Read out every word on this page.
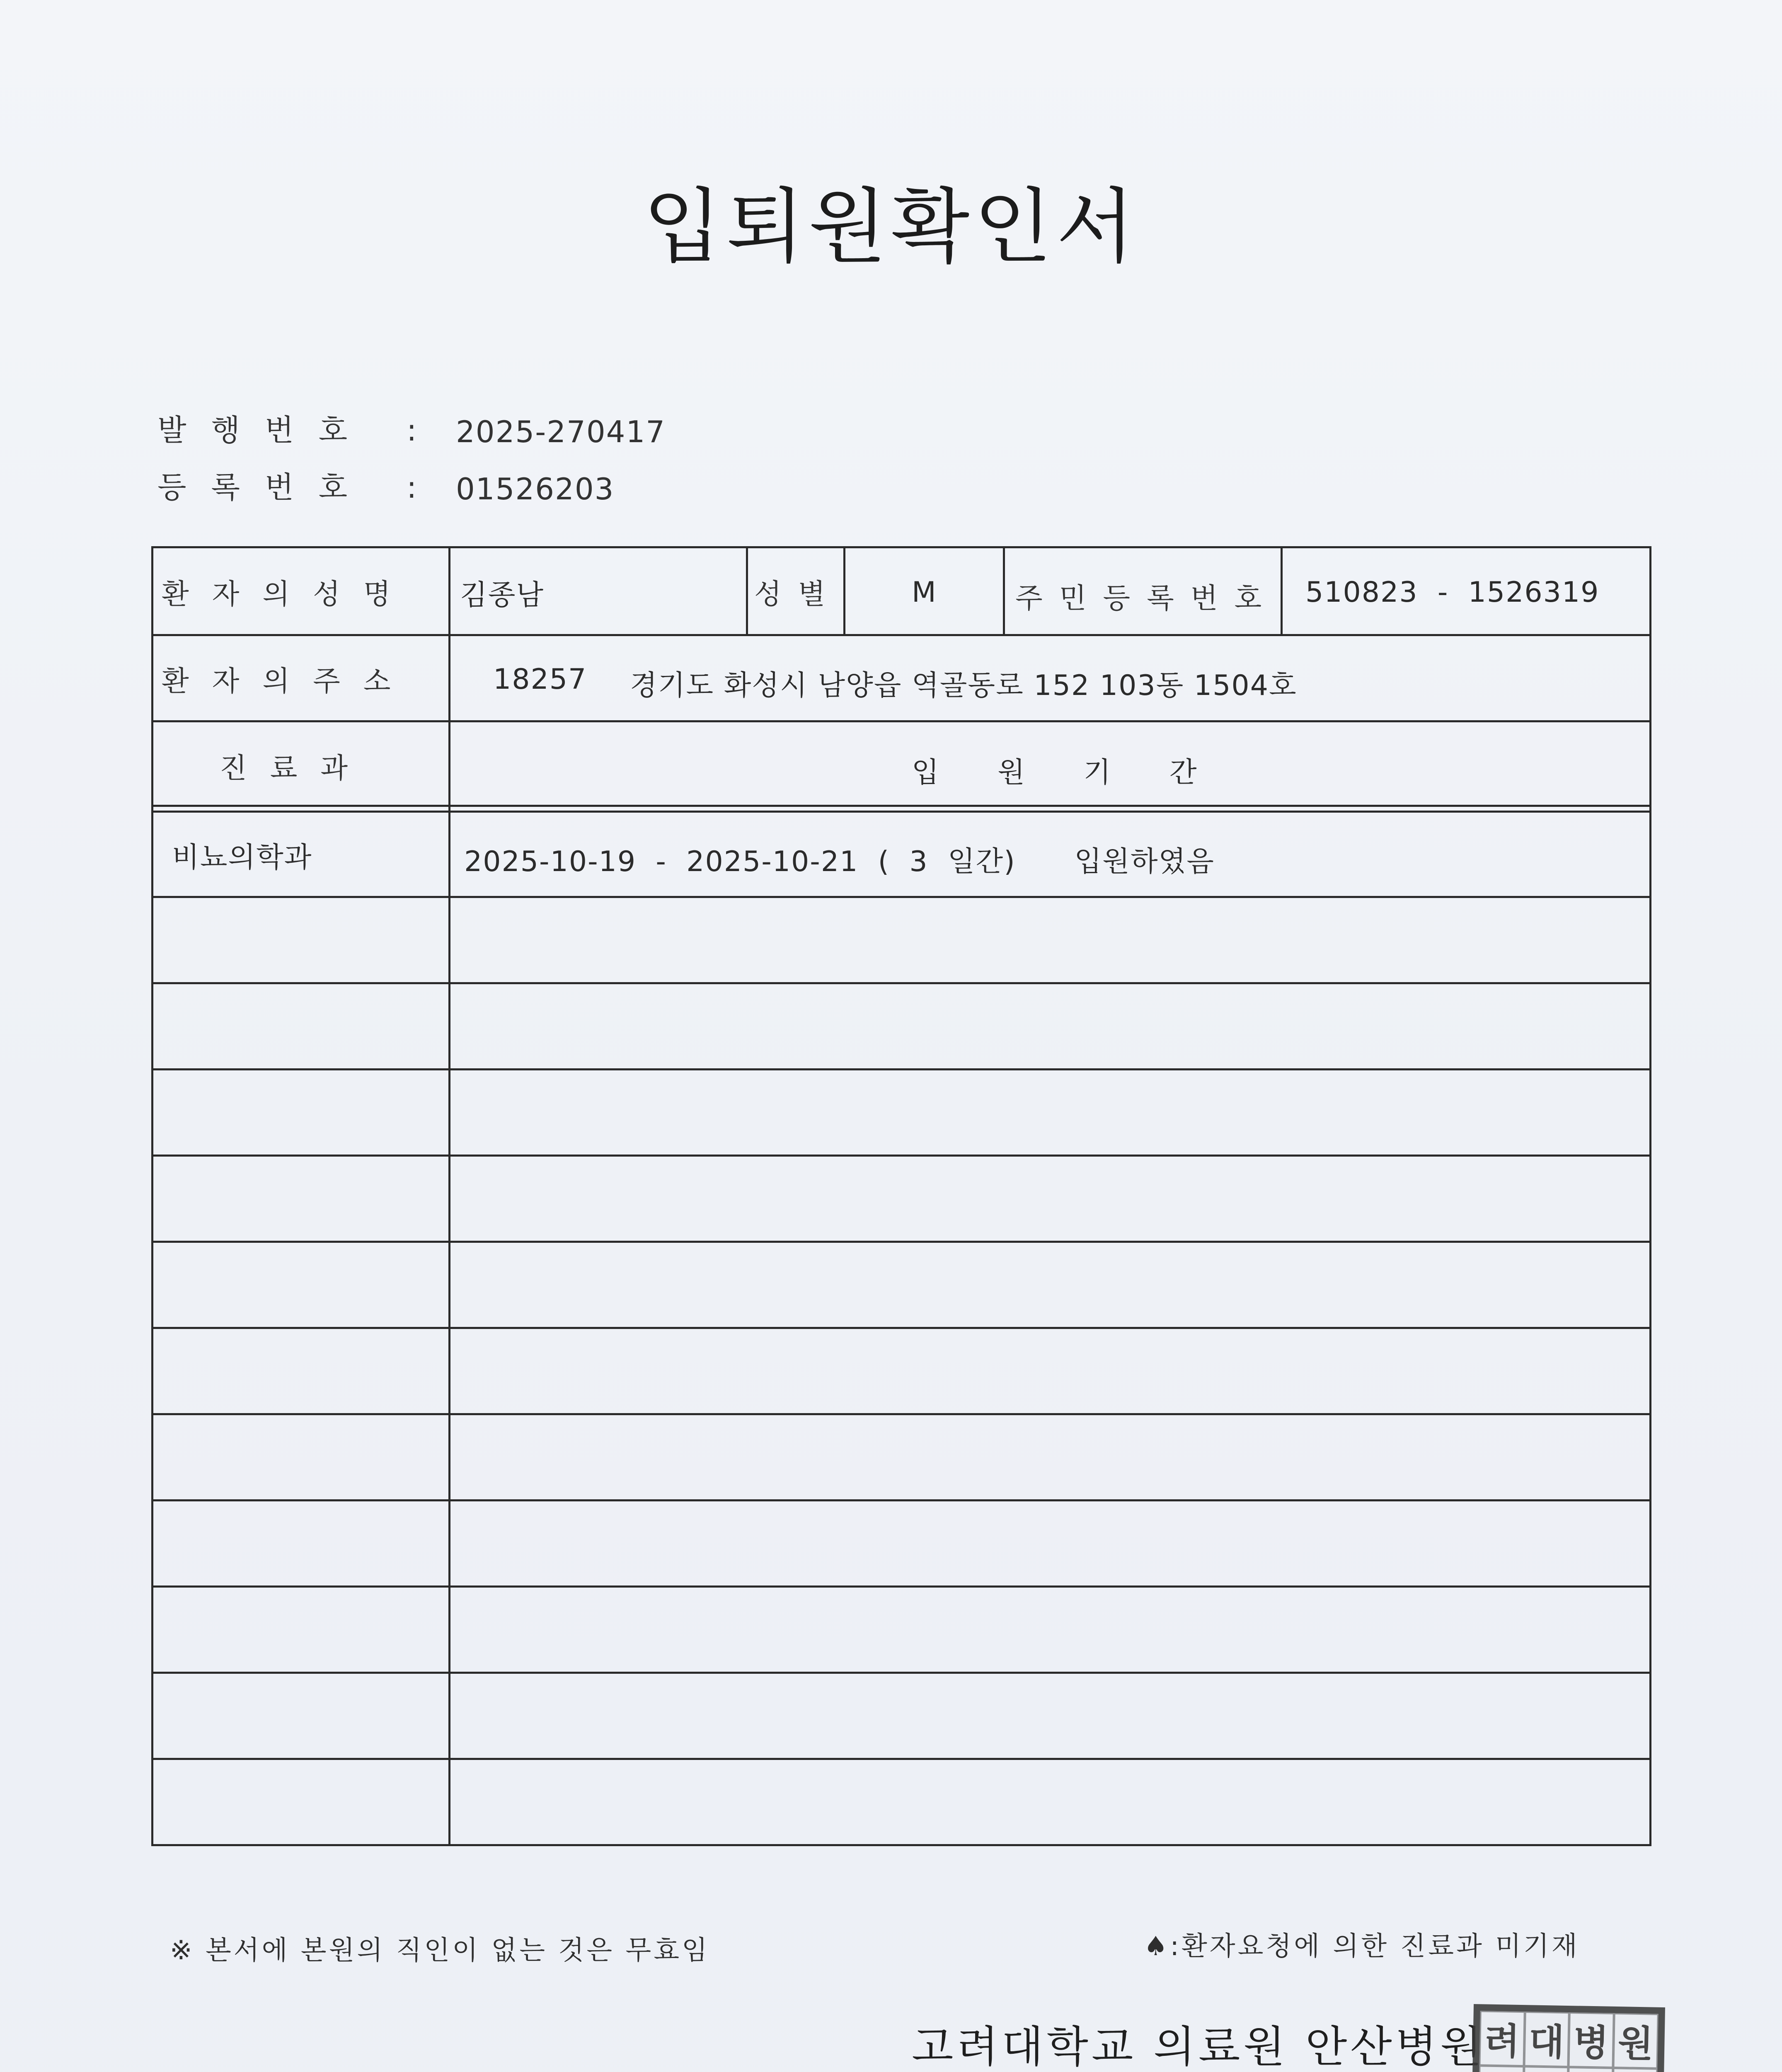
입퇴원확인서
발행번호 : 2025-270417
등록번호 : 01526203
환자의성명 김종남	성별 M	주민등록번호 510823  -  1526319
환자의주소	18257 경기도 화성시 남양읍 역골동로 152 103동 1504호
진료과	입 원 기 간
비뇨의학과	2025-10-19  -  2025-10-21  (  3  일간)      입원하였음
※ 본서에 본원의 직인이 없는 것은 무효임	♠:환자요청에 의한 진료과 미기재
고려대학교 의료원 안산병원
려 대 병 원
